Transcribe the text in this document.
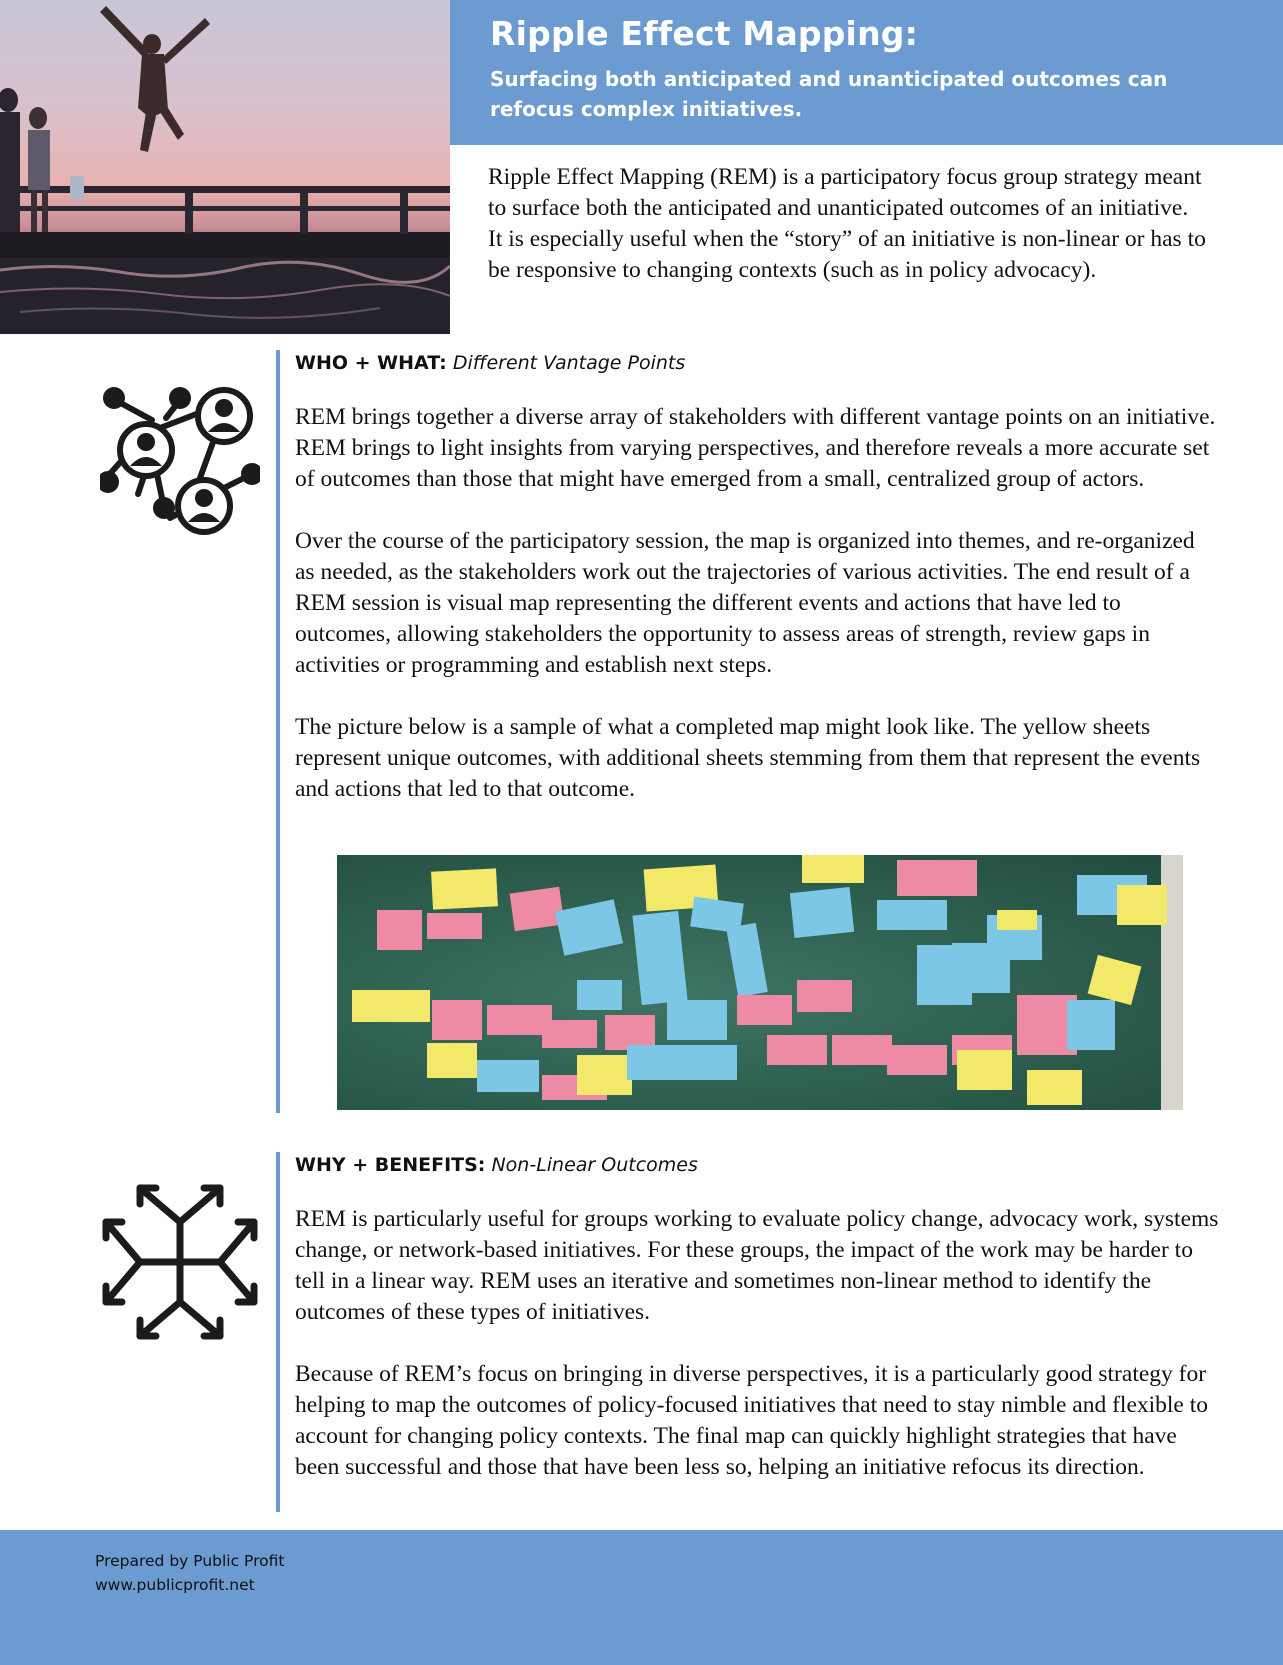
Ripple Effect Mapping:

Surfacing both anticipated and unanticipated outcomes can refocus complex initiatives.

Ripple Effect Mapping (REM) is a participatory focus group strategy meant to surface both the anticipated and unanticipated outcomes of an initiative. It is especially useful when the “story” of an initiative is non-linear or has to be responsive to changing contexts (such as in policy advocacy).

WHO + WHAT: Different Vantage Points

REM brings together a diverse array of stakeholders with different vantage points on an initiative. REM brings to light insights from varying perspectives, and therefore reveals a more accurate set of outcomes than those that might have emerged from a small, centralized group of actors.

Over the course of the participatory session, the map is organized into themes, and re-organized as needed, as the stakeholders work out the trajectories of various activities. The end result of a REM session is visual map representing the different events and actions that have led to outcomes, allowing stakeholders the opportunity to assess areas of strength, review gaps in activities or programming and establish next steps.

The picture below is a sample of what a completed map might look like. The yellow sheets represent unique outcomes, with additional sheets stemming from them that represent the events and actions that led to that outcome.

WHY + BENEFITS: Non-Linear Outcomes

REM is particularly useful for groups working to evaluate policy change, advocacy work, systems change, or network-based initiatives. For these groups, the impact of the work may be harder to tell in a linear way. REM uses an iterative and sometimes non-linear method to identify the outcomes of these types of initiatives.

Because of REM’s focus on bringing in diverse perspectives, it is a particularly good strategy for helping to map the outcomes of policy-focused initiatives that need to stay nimble and flexible to account for changing policy contexts. The final map can quickly highlight strategies that have been successful and those that have been less so, helping an initiative refocus its direction.

Prepared by Public Profit
www.publicprofit.net
